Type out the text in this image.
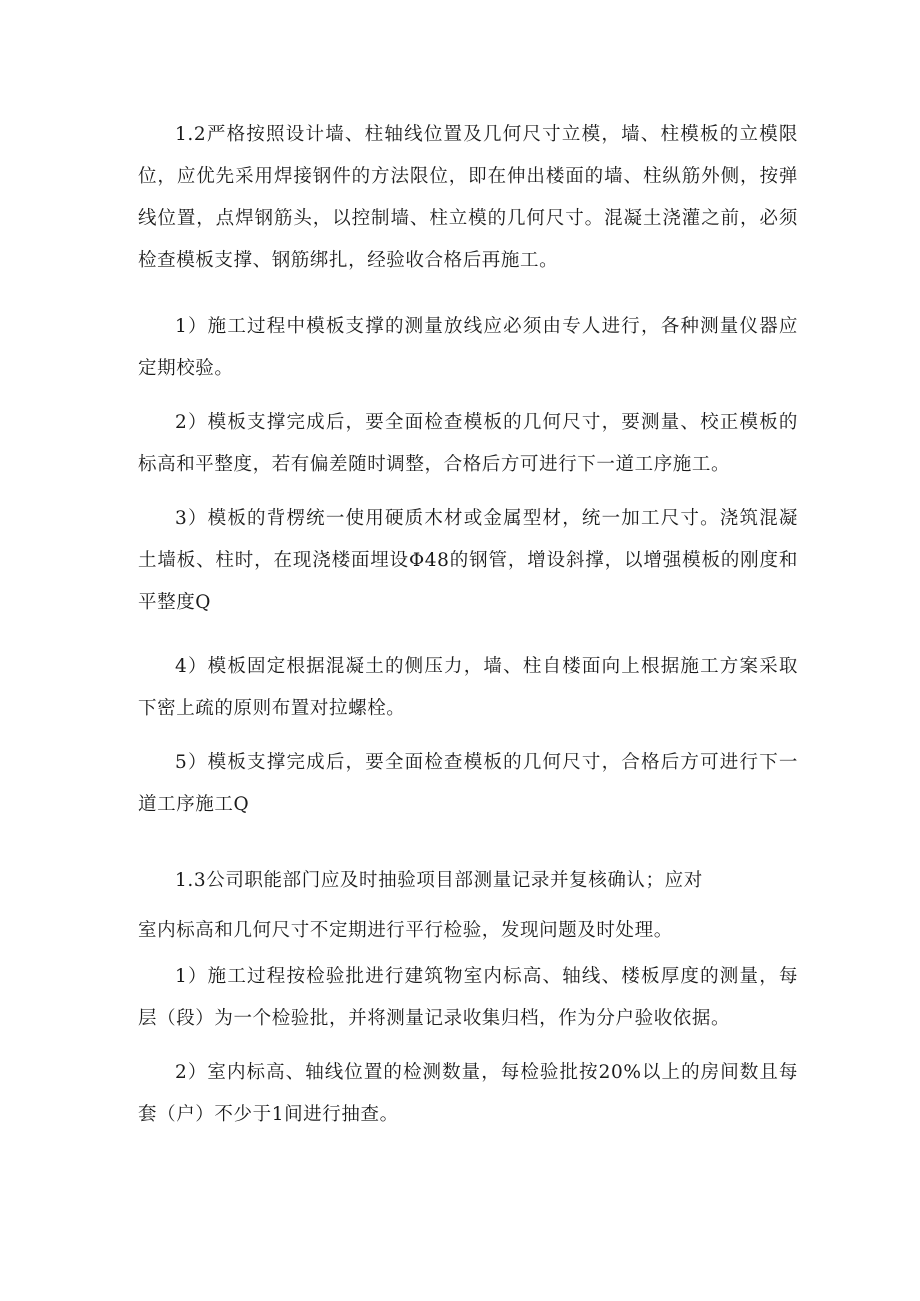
1.2严格按照设计墙、柱轴线位置及几何尺寸立模，墙、柱模板的立模限位，应优先采用焊接钢件的方法限位，即在伸出楼面的墙、柱纵筋外侧，按弹线位置，点焊钢筋头，以控制墙、柱立模的几何尺寸。混凝土浇灌之前，必须检查模板支撑、钢筋绑扎，经验收合格后再施工。

1）施工过程中模板支撑的测量放线应必须由专人进行，各种测量仪器应定期校验。

2）模板支撑完成后，要全面检查模板的几何尺寸，要测量、校正模板的标高和平整度，若有偏差随时调整，合格后方可进行下一道工序施工。

3）模板的背楞统一使用硬质木材或金属型材，统一加工尺寸。浇筑混凝土墙板、柱时，在现浇楼面埋设Φ48的钢管，增设斜撑，以增强模板的刚度和平整度Q

4）模板固定根据混凝土的侧压力，墙、柱自楼面向上根据施工方案采取下密上疏的原则布置对拉螺栓。

5）模板支撑完成后，要全面检查模板的几何尺寸，合格后方可进行下一道工序施工Q

1.3公司职能部门应及时抽验项目部测量记录并复核确认；应对

室内标高和几何尺寸不定期进行平行检验，发现问题及时处理。

1）施工过程按检验批进行建筑物室内标高、轴线、楼板厚度的测量，每层（段）为一个检验批，并将测量记录收集归档，作为分户验收依据。

2）室内标高、轴线位置的检测数量，每检验批按20%以上的房间数且每套（户）不少于1间进行抽查。
